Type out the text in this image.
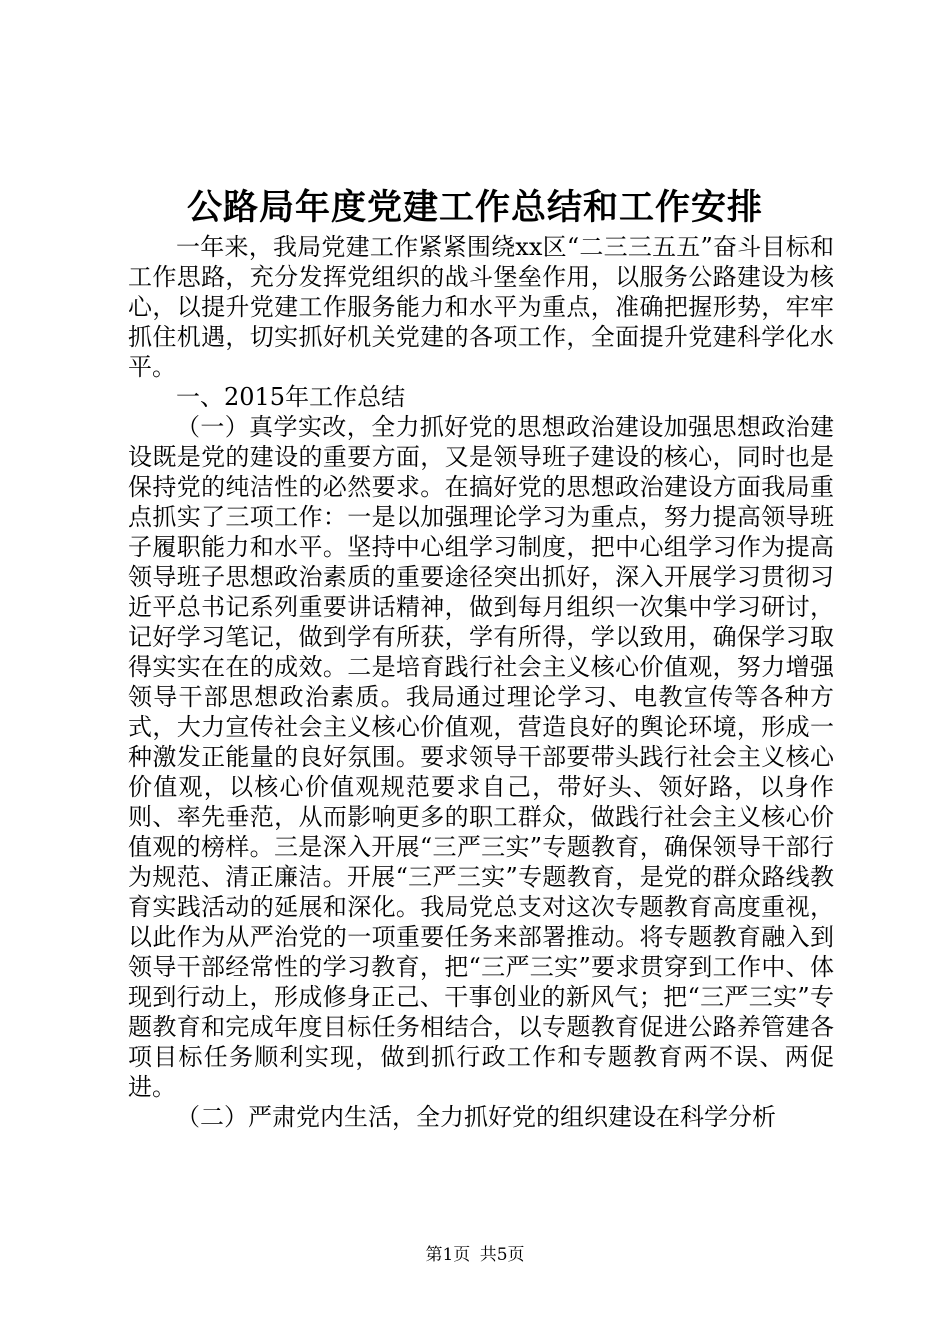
公路局年度党建工作总结和工作安排

一年来，我局党建工作紧紧围绕xx区“二三三五五”奋斗目标和工作思路，充分发挥党组织的战斗堡垒作用，以服务公路建设为核心，以提升党建工作服务能力和水平为重点，准确把握形势，牢牢抓住机遇，切实抓好机关党建的各项工作，全面提升党建科学化水平。

一、2015年工作总结

（一）真学实改，全力抓好党的思想政治建设加强思想政治建设既是党的建设的重要方面，又是领导班子建设的核心，同时也是保持党的纯洁性的必然要求。在搞好党的思想政治建设方面我局重点抓实了三项工作：一是以加强理论学习为重点，努力提高领导班子履职能力和水平。坚持中心组学习制度，把中心组学习作为提高领导班子思想政治素质的重要途径突出抓好，深入开展学习贯彻习近平总书记系列重要讲话精神，做到每月组织一次集中学习研讨，记好学习笔记，做到学有所获，学有所得，学以致用，确保学习取得实实在在的成效。二是培育践行社会主义核心价值观，努力增强领导干部思想政治素质。我局通过理论学习、电教宣传等各种方式，大力宣传社会主义核心价值观，营造良好的舆论环境，形成一种激发正能量的良好氛围。要求领导干部要带头践行社会主义核心价值观，以核心价值观规范要求自己，带好头、领好路，以身作则、率先垂范，从而影响更多的职工群众，做践行社会主义核心价值观的榜样。三是深入开展“三严三实”专题教育，确保领导干部行为规范、清正廉洁。开展“三严三实”专题教育，是党的群众路线教育实践活动的延展和深化。我局党总支对这次专题教育高度重视，以此作为从严治党的一项重要任务来部署推动。将专题教育融入到领导干部经常性的学习教育，把“三严三实”要求贯穿到工作中、体现到行动上，形成修身正己、干事创业的新风气；把“三严三实”专题教育和完成年度目标任务相结合，以专题教育促进公路养管建各项目标任务顺利实现，做到抓行政工作和专题教育两不误、两促进。

（二）严肃党内生活，全力抓好党的组织建设在科学分析

第1页 共5页
